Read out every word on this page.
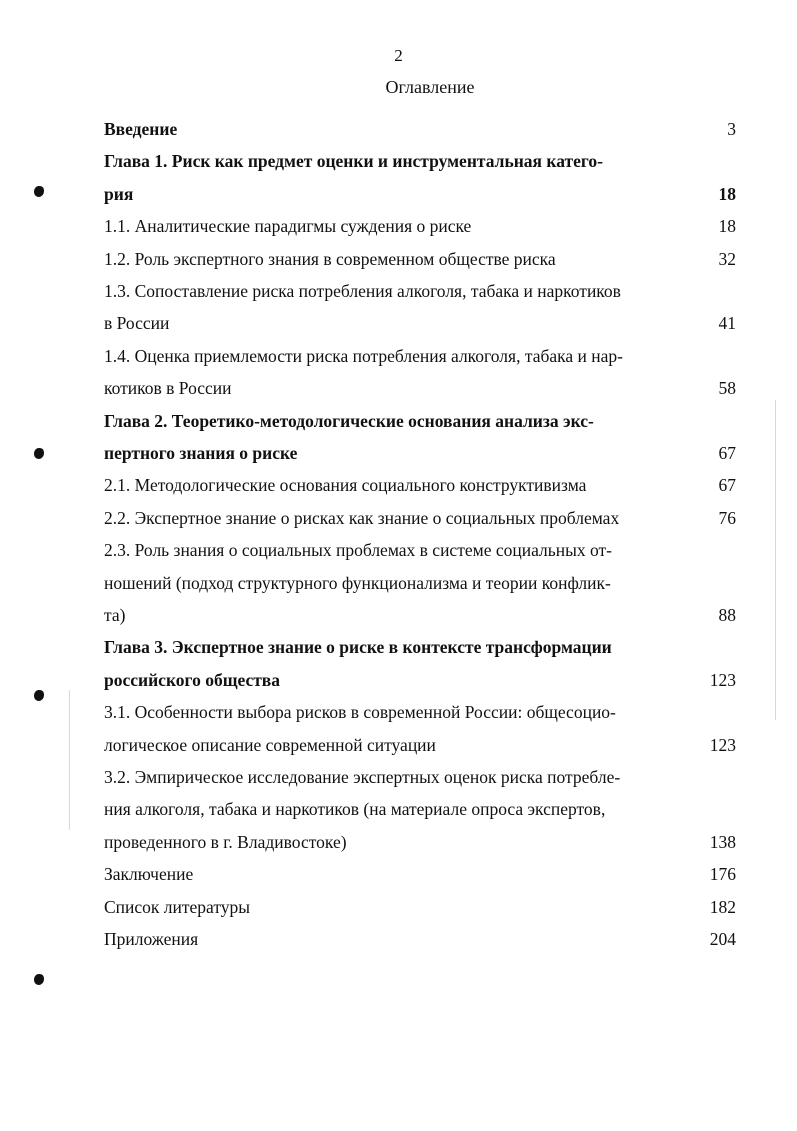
2
Оглавление
Введение	3
Глава 1. Риск как предмет оценки и инструментальная катего-
рия	18
1.1. Аналитические парадигмы суждения о риске	18
1.2. Роль экспертного знания в современном обществе риска	32
1.3. Сопоставление риска потребления алкоголя, табака и наркотиков
в России	41
1.4. Оценка приемлемости риска потребления алкоголя, табака и нар-
котиков в России	58
Глава 2. Теоретико-методологические основания анализа экс-
пертного знания о риске	67
2.1. Методологические основания социального конструктивизма	67
2.2. Экспертное знание о рисках как знание о социальных проблемах	76
2.3. Роль знания о социальных проблемах в системе социальных от-
ношений (подход структурного функционализма и теории конфлик-
та)	88
Глава 3. Экспертное знание о риске в контексте трансформации
российского общества	123
3.1. Особенности выбора рисков в современной России: общесоцио-
логическое описание современной ситуации	123
3.2. Эмпирическое исследование экспертных оценок риска потребле-
ния алкоголя, табака и наркотиков (на материале опроса экспертов,
проведенного в г. Владивостоке)	138
Заключение	176
Список литературы	182
Приложения	204
